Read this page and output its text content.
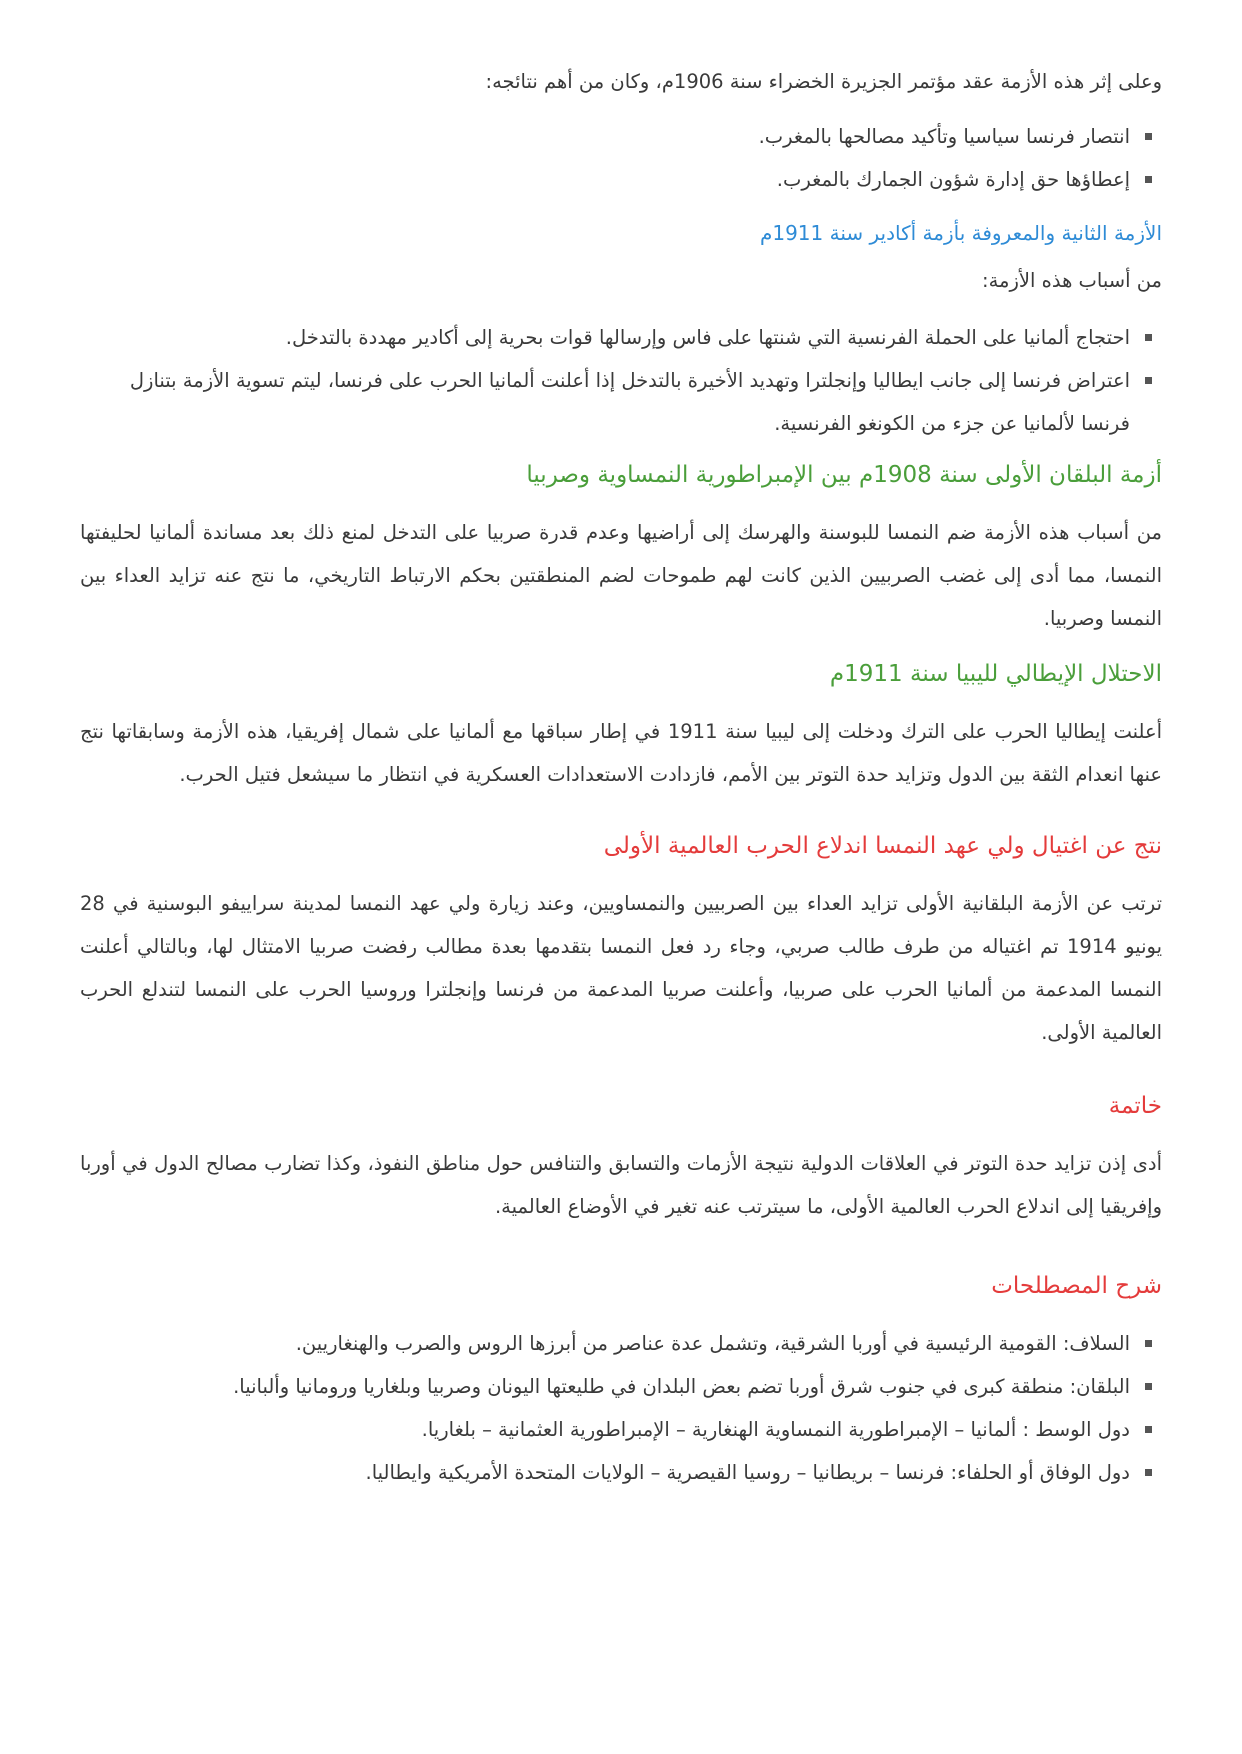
وعلى إثر هذه الأزمة عقد مؤتمر الجزيرة الخضراء سنة 1906م، وكان من أهم نتائجه:

انتصار فرنسا سياسيا وتأكيد مصالحها بالمغرب.
إعطاؤها حق إدارة شؤون الجمارك بالمغرب.
الأزمة الثانية والمعروفة بأزمة أكادير سنة 1911م

من أسباب هذه الأزمة:

احتجاج ألمانيا على الحملة الفرنسية التي شنتها على فاس وإرسالها قوات بحرية إلى أكادير مهددة بالتدخل.
اعتراض فرنسا إلى جانب ايطاليا وإنجلترا وتهديد الأخيرة بالتدخل إذا أعلنت ألمانيا الحرب على فرنسا، ليتم تسوية الأزمة بتنازل فرنسا لألمانيا عن جزء من الكونغو الفرنسية.
أزمة البلقان الأولى سنة 1908م بين الإمبراطورية النمساوية وصربيا

من أسباب هذه الأزمة ضم النمسا للبوسنة والهرسك إلى أراضيها وعدم قدرة صربيا على التدخل لمنع ذلك بعد مساندة ألمانيا لحليفتها النمسا، مما أدى إلى غضب الصربيين الذين كانت لهم طموحات لضم المنطقتين بحكم الارتباط التاريخي، ما نتج عنه تزايد العداء بين النمسا وصربيا.

الاحتلال الإيطالي لليبيا سنة 1911م

أعلنت إيطاليا الحرب على الترك ودخلت إلى ليبيا سنة 1911 في إطار سباقها مع ألمانيا على شمال إفريقيا، هذه الأزمة وسابقاتها نتج عنها انعدام الثقة بين الدول وتزايد حدة التوتر بين الأمم، فازدادت الاستعدادات العسكرية في انتظار ما سيشعل فتيل الحرب.

نتج عن اغتيال ولي عهد النمسا اندلاع الحرب العالمية الأولى

ترتب عن الأزمة البلقانية الأولى تزايد العداء بين الصربيين والنمساويين، وعند زيارة ولي عهد النمسا لمدينة سراييفو البوسنية في 28 يونيو 1914 تم اغتياله من طرف طالب صربي، وجاء رد فعل النمسا بتقدمها بعدة مطالب رفضت صربيا الامتثال لها، وبالتالي أعلنت النمسا المدعمة من ألمانيا الحرب على صربيا، وأعلنت صربيا المدعمة من فرنسا وإنجلترا وروسيا الحرب على النمسا لتندلع الحرب العالمية الأولى.

خاتمة

أدى إذن تزايد حدة التوتر في العلاقات الدولية نتيجة الأزمات والتسابق والتنافس حول مناطق النفوذ، وكذا تضارب مصالح الدول في أوربا وإفريقيا إلى اندلاع الحرب العالمية الأولى، ما سيترتب عنه تغير في الأوضاع العالمية.

شرح المصطلحات
السلاف: القومية الرئيسية في أوربا الشرقية، وتشمل عدة عناصر من أبرزها الروس والصرب والهنغاريين.
البلقان: منطقة كبرى في جنوب شرق أوربا تضم بعض البلدان في طليعتها اليونان وصربيا وبلغاريا ورومانيا وألبانيا.
دول الوسط : ألمانيا – الإمبراطورية النمساوية الهنغارية – الإمبراطورية العثمانية – بلغاريا.
دول الوفاق أو الحلفاء: فرنسا – بريطانيا – روسيا القيصرية – الولايات المتحدة الأمريكية وايطاليا.
